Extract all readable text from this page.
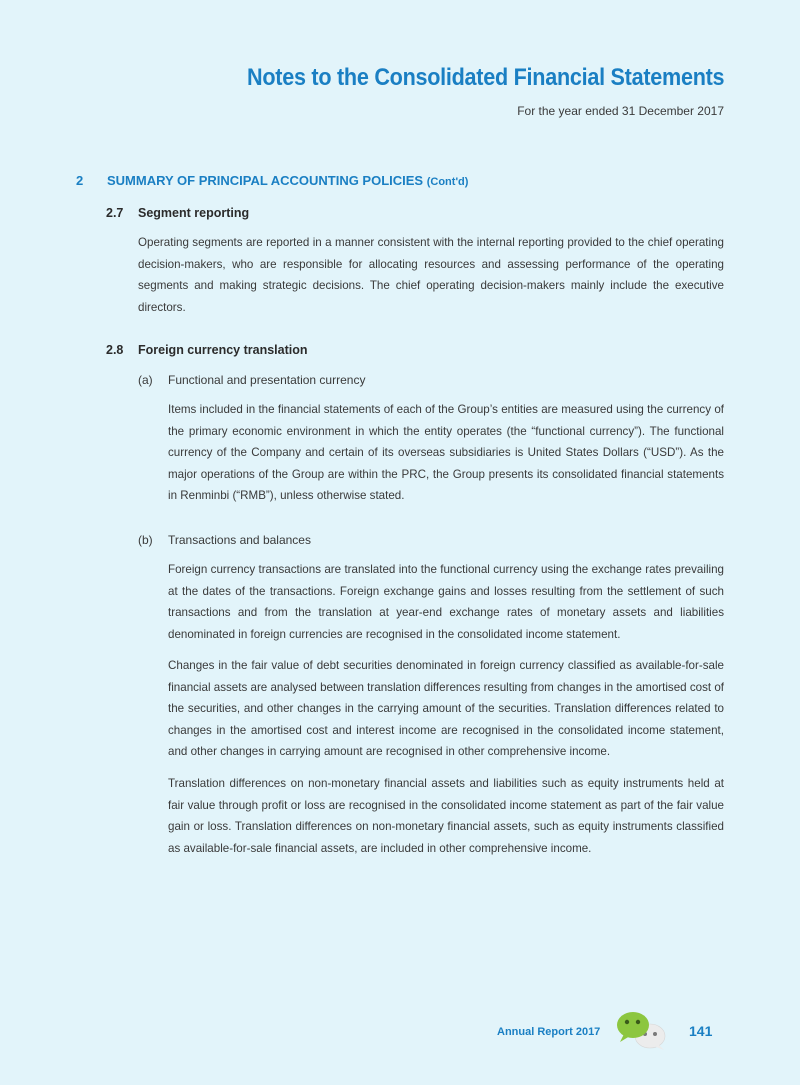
Notes to the Consolidated Financial Statements
For the year ended 31 December 2017
2 SUMMARY OF PRINCIPAL ACCOUNTING POLICIES (Cont'd)
2.7 Segment reporting

Operating segments are reported in a manner consistent with the internal reporting provided to the chief operating decision-makers, who are responsible for allocating resources and assessing performance of the operating segments and making strategic decisions. The chief operating decision-makers mainly include the executive directors.

2.8 Foreign currency translation
(a) Functional and presentation currency

Items included in the financial statements of each of the Group’s entities are measured using the currency of the primary economic environment in which the entity operates (the “functional currency”). The functional currency of the Company and certain of its overseas subsidiaries is United States Dollars (“USD”). As the major operations of the Group are within the PRC, the Group presents its consolidated financial statements in Renminbi (“RMB”), unless otherwise stated.

(b) Transactions and balances

Foreign currency transactions are translated into the functional currency using the exchange rates prevailing at the dates of the transactions. Foreign exchange gains and losses resulting from the settlement of such transactions and from the translation at year-end exchange rates of monetary assets and liabilities denominated in foreign currencies are recognised in the consolidated income statement.

Changes in the fair value of debt securities denominated in foreign currency classified as available-for-sale financial assets are analysed between translation differences resulting from changes in the amortised cost of the securities, and other changes in the carrying amount of the securities. Translation differences related to changes in the amortised cost and interest income are recognised in the consolidated income statement, and other changes in carrying amount are recognised in other comprehensive income.

Translation differences on non-monetary financial assets and liabilities such as equity instruments held at fair value through profit or loss are recognised in the consolidated income statement as part of the fair value gain or loss. Translation differences on non-monetary financial assets, such as equity instruments classified as available-for-sale financial assets, are included in other comprehensive income.

Annual Report 2017	141
